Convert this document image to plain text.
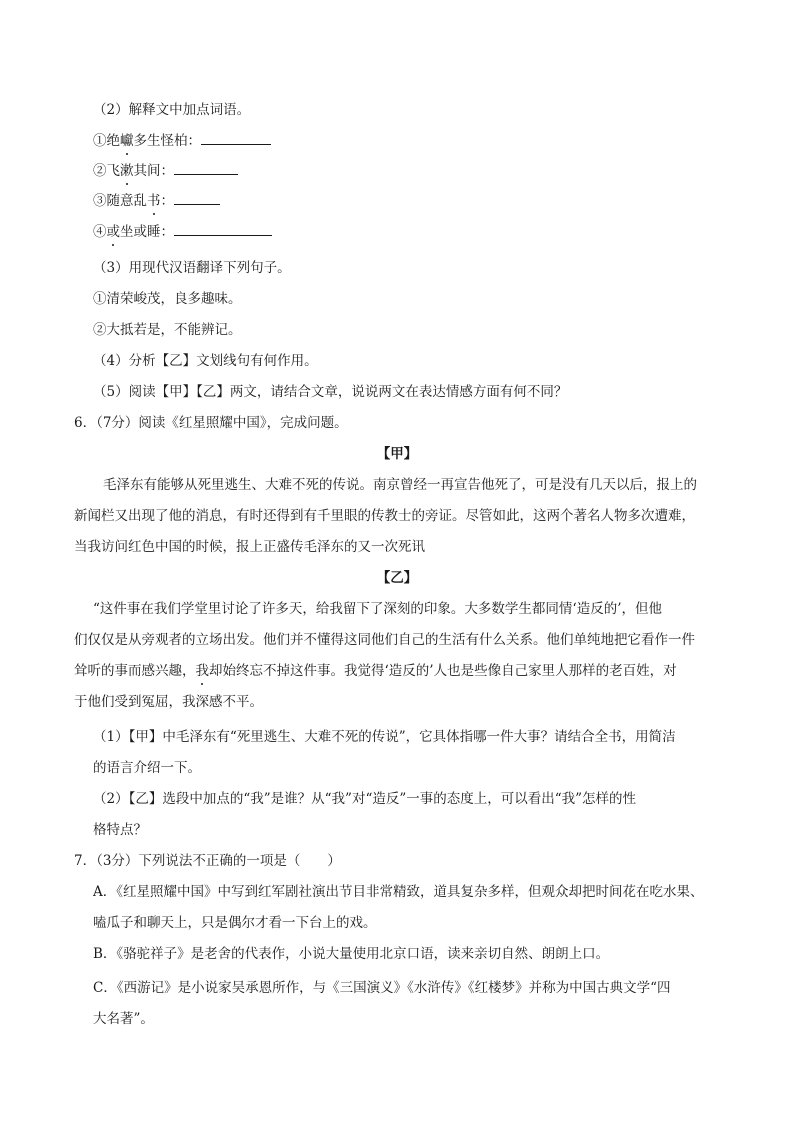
（2）解释文中加点词语。
①绝巘多生怪柏：
②飞漱其间：
③随意乱书：
④或坐或睡：
（3）用现代汉语翻译下列句子。
①清荣峻茂，良多趣味。
②大抵若是，不能辨记。
（4）分析【乙】文划线句有何作用。
（5）阅读【甲】【乙】两文，请结合文章，说说两文在表达情感方面有何不同？
6．（7分）阅读《红星照耀中国》，完成问题。
【甲】
毛泽东有能够从死里逃生、大难不死的传说。南京曾经一再宣告他死了，可是没有几天以后，报上的
新闻栏又出现了他的消息，有时还得到有千里眼的传教士的旁证。尽管如此，这两个著名人物多次遭难，
当我访问红色中国的时候，报上正盛传毛泽东的又一次死讯
【乙】
“这件事在我们学堂里讨论了许多天，给我留下了深刻的印象。大多数学生都同情‘造反的’，但他
们仅仅是从旁观者的立场出发。他们并不懂得这同他们自己的生活有什么关系。他们单纯地把它看作一件
耸听的事而感兴趣，我却始终忘不掉这件事。我觉得‘造反的’人也是些像自己家里人那样的老百姓，对
于他们受到冤屈，我深感不平。
（1）【甲】中毛泽东有“死里逃生、大难不死的传说”，它具体指哪一件大事？请结合全书，用简洁
的语言介绍一下。
（2）【乙】选段中加点的“我”是谁？从“我”对“造反”一事的态度上，可以看出“我”怎样的性
格特点？
7．（3分）下列说法不正确的一项是（　　）
A．《红星照耀中国》中写到红军剧社演出节目非常精致，道具复杂多样，但观众却把时间花在吃水果、
嗑瓜子和聊天上，只是偶尔才看一下台上的戏。
B．《骆驼祥子》是老舍的代表作，小说大量使用北京口语，读来亲切自然、朗朗上口。
C．《西游记》是小说家吴承恩所作，与《三国演义》《水浒传》《红楼梦》并称为中国古典文学“四
大名著”。
